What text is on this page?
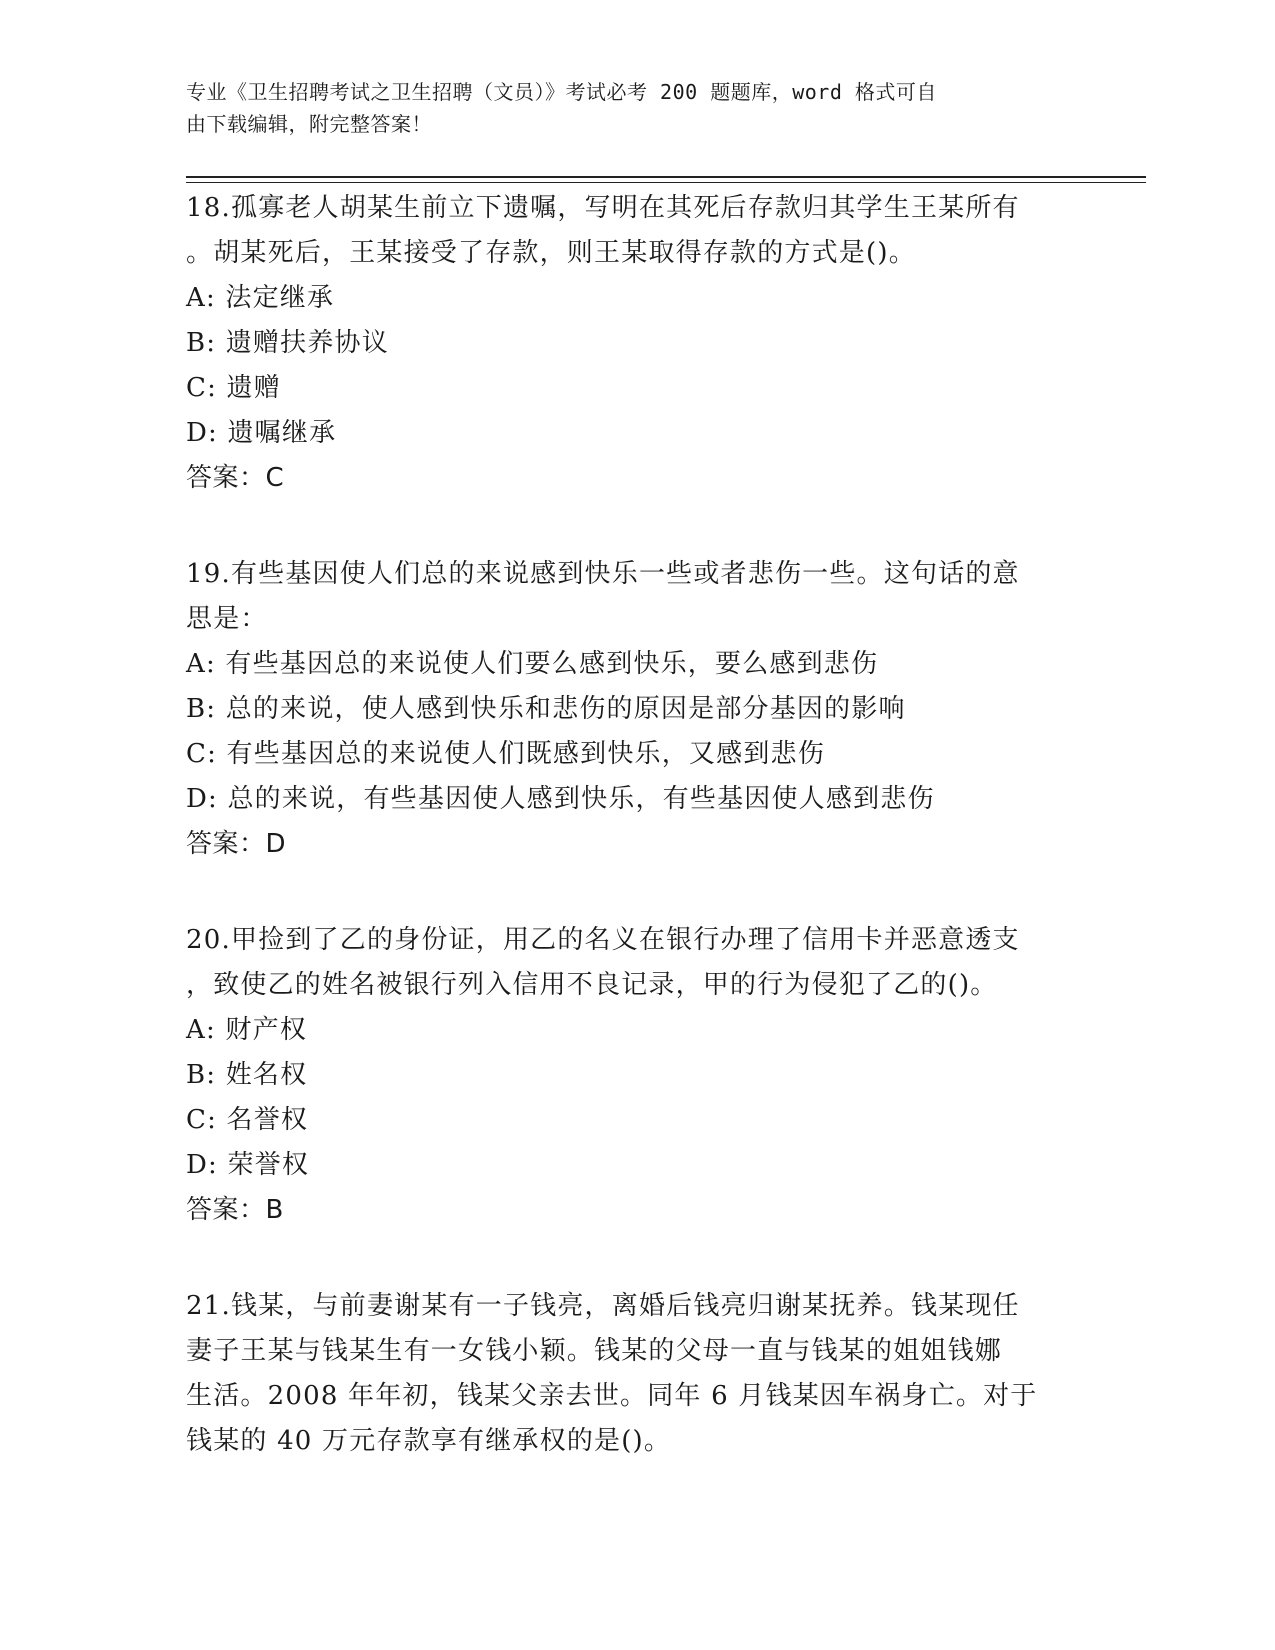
专业《卫生招聘考试之卫生招聘（文员）》考试必考 200 题题库，word 格式可自
由下载编辑，附完整答案！
18.孤寡老人胡某生前立下遗嘱，写明在其死后存款归其学生王某所有
。胡某死后，王某接受了存款，则王某取得存款的方式是()。
A: 法定继承
B: 遗赠扶养协议
C: 遗赠
D: 遗嘱继承
答案：C
19.有些基因使人们总的来说感到快乐一些或者悲伤一些。这句话的意
思是：
A: 有些基因总的来说使人们要么感到快乐，要么感到悲伤
B: 总的来说，使人感到快乐和悲伤的原因是部分基因的影响
C: 有些基因总的来说使人们既感到快乐，又感到悲伤
D: 总的来说，有些基因使人感到快乐，有些基因使人感到悲伤
答案：D
20.甲捡到了乙的身份证，用乙的名义在银行办理了信用卡并恶意透支
，致使乙的姓名被银行列入信用不良记录，甲的行为侵犯了乙的()。
A: 财产权
B: 姓名权
C: 名誉权
D: 荣誉权
答案：B
21.钱某，与前妻谢某有一子钱亮，离婚后钱亮归谢某抚养。钱某现任
妻子王某与钱某生有一女钱小颖。钱某的父母一直与钱某的姐姐钱娜
生活。2008 年年初，钱某父亲去世。同年 6 月钱某因车祸身亡。对于
钱某的 40 万元存款享有继承权的是()。
